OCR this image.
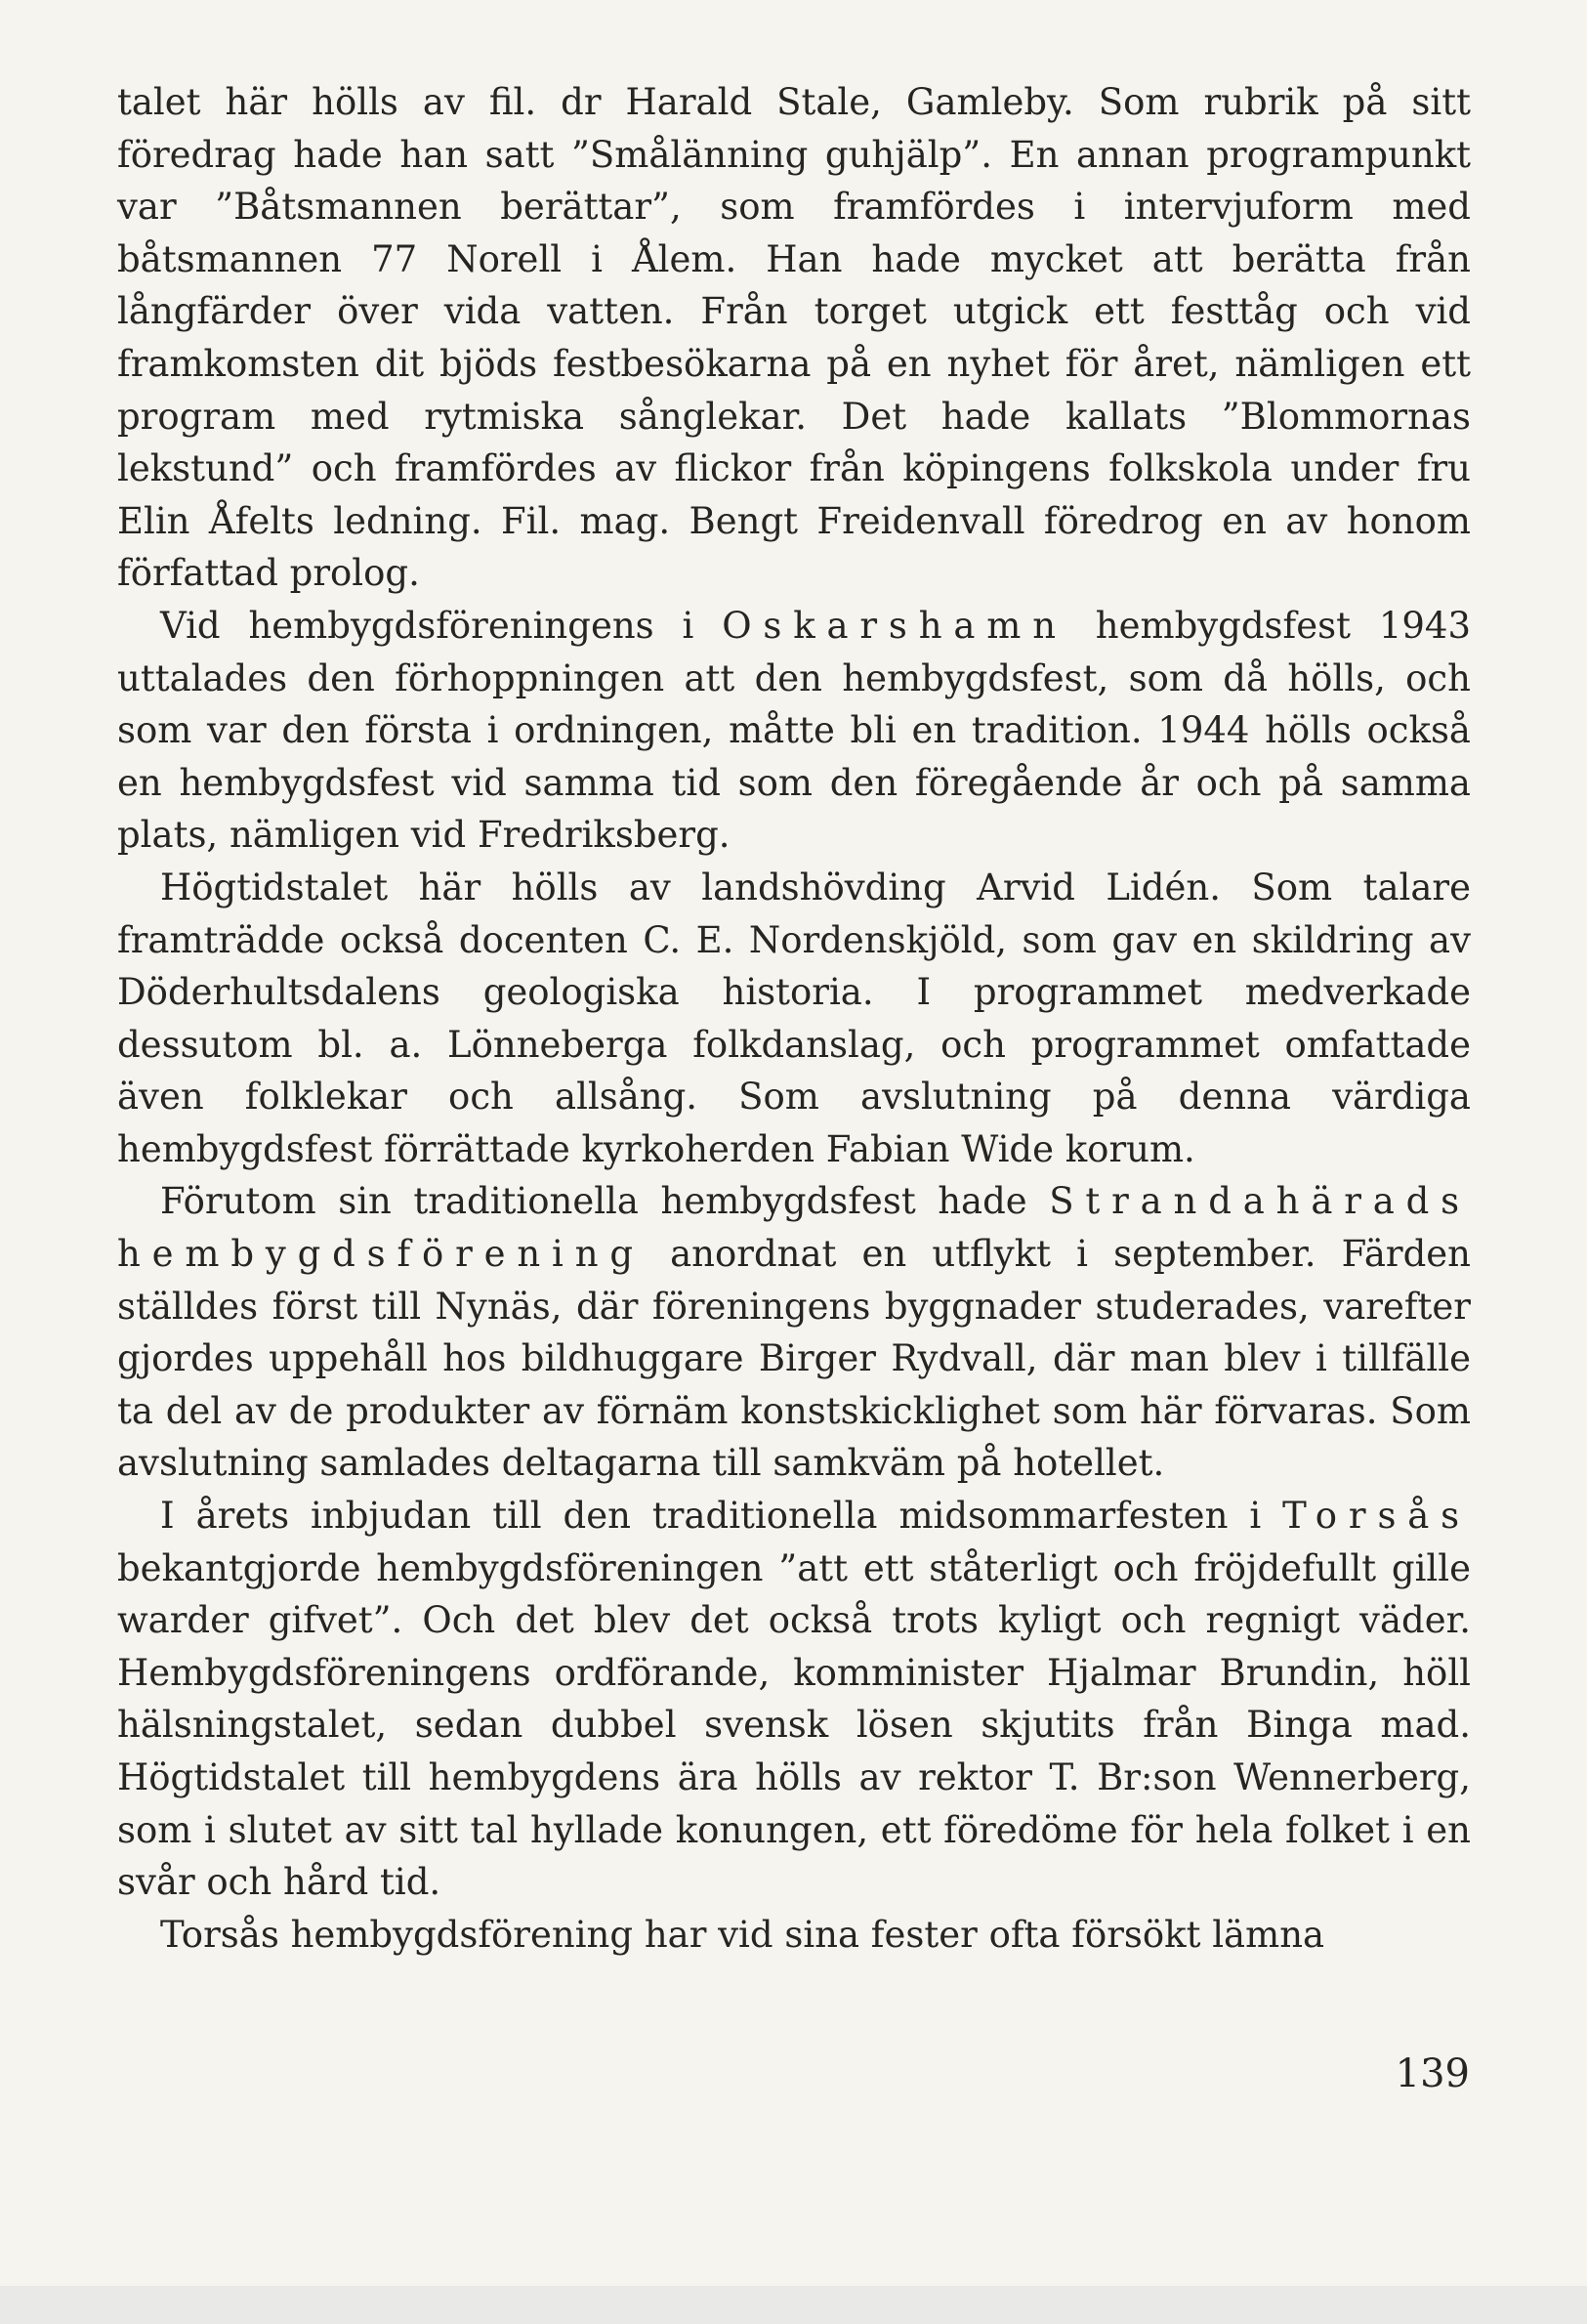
talet här hölls av fil. dr Harald Stale, Gamleby. Som rubrik på sitt föredrag hade han satt ”Smålänning guhjälp”. En annan programpunkt var ”Båtsmannen berättar”, som framfördes i intervjuform med båtsmannen 77 Norell i Ålem. Han hade mycket att berätta från långfärder över vida vatten. Från torget utgick ett festtåg och vid framkomsten dit bjöds festbesökarna på en nyhet för året, nämligen ett program med rytmiska sånglekar. Det hade kallats ”Blommornas lekstund” och framfördes av flickor från köpingens folkskola under fru Elin Åfelts ledning. Fil. mag. Bengt Freidenvall föredrog en av honom författad prolog.

Vid hembygdsföreningens i Oskarshamn hembygdsfest 1943 uttalades den förhoppningen att den hembygdsfest, som då hölls, och som var den första i ordningen, måtte bli en tradition. 1944 hölls också en hembygdsfest vid samma tid som den föregående år och på samma plats, nämligen vid Fredriksberg.

Högtidstalet här hölls av landshövding Arvid Lidén. Som talare framträdde också docenten C. E. Nordenskjöld, som gav en skildring av Döderhultsdalens geologiska historia. I programmet medverkade dessutom bl. a. Lönneberga folkdanslag, och programmet omfattade även folklekar och allsång. Som avslutning på denna värdiga hembygdsfest förrättade kyrkoherden Fabian Wide korum.

Förutom sin traditionella hembygdsfest hade Strandahärads hembygdsförening anordnat en utflykt i september. Färden ställdes först till Nynäs, där föreningens byggnader studerades, varefter gjordes uppehåll hos bildhuggare Birger Rydvall, där man blev i tillfälle ta del av de produkter av förnäm konstskicklighet som här förvaras. Som avslutning samlades deltagarna till samkväm på hotellet.

I årets inbjudan till den traditionella midsommarfesten i Torsås bekantgjorde hembygdsföreningen ”att ett ståterligt och fröjdefullt gille warder gifvet”. Och det blev det också trots kyligt och regnigt väder. Hembygdsföreningens ordförande, komminister Hjalmar Brundin, höll hälsningstalet, sedan dubbel svensk lösen skjutits från Binga mad. Högtidstalet till hembygdens ära hölls av rektor T. Br:son Wennerberg, som i slutet av sitt tal hyllade konungen, ett föredöme för hela folket i en svår och hård tid.

Torsås hembygdsförening har vid sina fester ofta försökt lämna

139
